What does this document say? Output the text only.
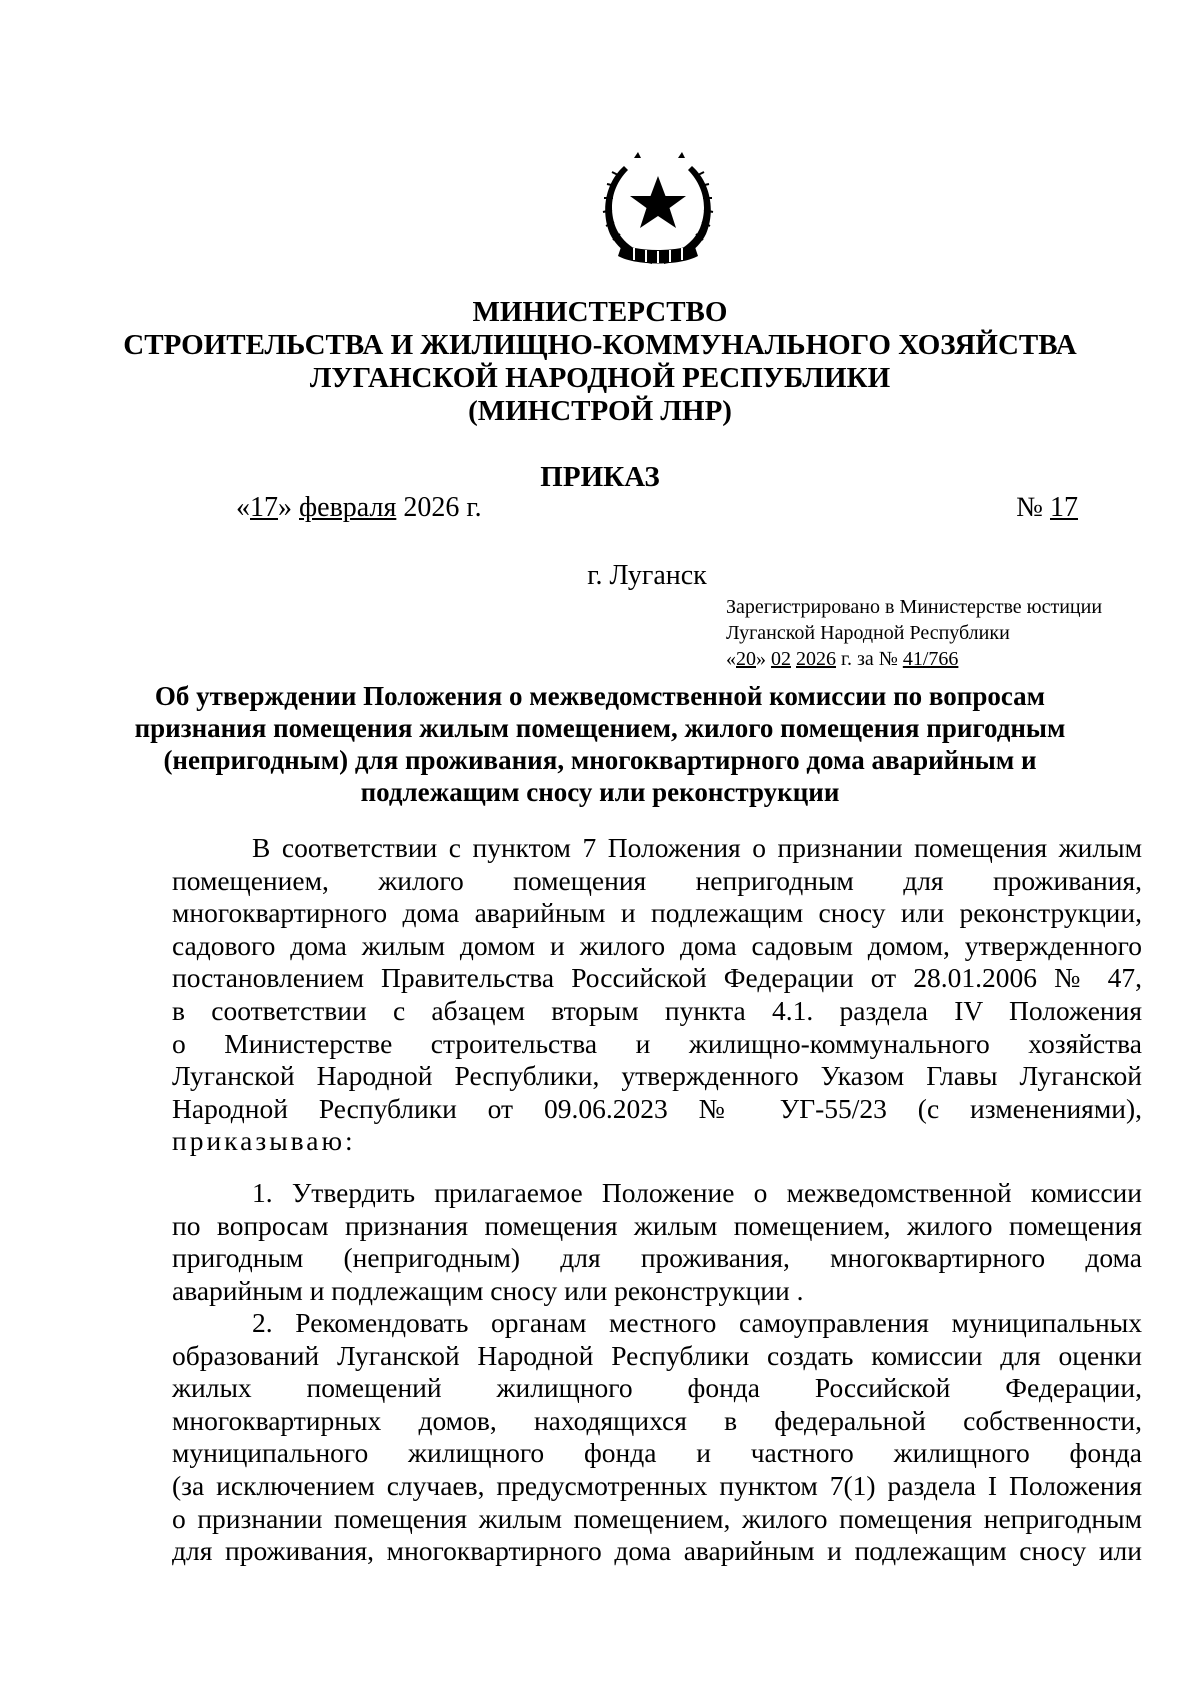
МИНИСТЕРСТВО
СТРОИТЕЛЬСТВА И ЖИЛИЩНО-КОММУНАЛЬНОГО ХОЗЯЙСТВА
ЛУГАНСКОЙ НАРОДНОЙ РЕСПУБЛИКИ
(МИНСТРОЙ ЛНР)
ПРИКАЗ
«17» февраля 2026 г.	№ 17
г. Луганск
Зарегистрировано в Министерстве юстиции
Луганской Народной Республики
«20» 02 2026 г. за № 41/766
Об утверждении Положения о межведомственной комиссии по вопросам
признания помещения жилым помещением, жилого помещения пригодным
(непригодным) для проживания, многоквартирного дома аварийным и
подлежащим сносу или реконструкции
В соответствии с пунктом 7 Положения о признании помещения жилым
помещением, жилого помещения непригодным для проживания,
многоквартирного дома аварийным и подлежащим сносу или реконструкции,
садового дома жилым домом и жилого дома садовым домом, утвержденного
постановлением Правительства Российской Федерации от 28.01.2006 № 47,
в соответствии с абзацем вторым пункта 4.1. раздела IV Положения
о Министерстве строительства и жилищно-коммунального хозяйства
Луганской Народной Республики, утвержденного Указом Главы Луганской
Народной Республики от 09.06.2023 № УГ-55/23 (с изменениями),
приказываю:
1. Утвердить прилагаемое Положение о межведомственной комиссии
по вопросам признания помещения жилым помещением, жилого помещения
пригодным (непригодным) для проживания, многоквартирного дома
аварийным и подлежащим сносу или реконструкции .
2. Рекомендовать органам местного самоуправления муниципальных
образований Луганской Народной Республики создать комиссии для оценки
жилых помещений жилищного фонда Российской Федерации,
многоквартирных домов, находящихся в федеральной собственности,
муниципального жилищного фонда и частного жилищного фонда
(за исключением случаев, предусмотренных пунктом 7(1) раздела I Положения
о признании помещения жилым помещением, жилого помещения непригодным
для проживания, многоквартирного дома аварийным и подлежащим сносу или
